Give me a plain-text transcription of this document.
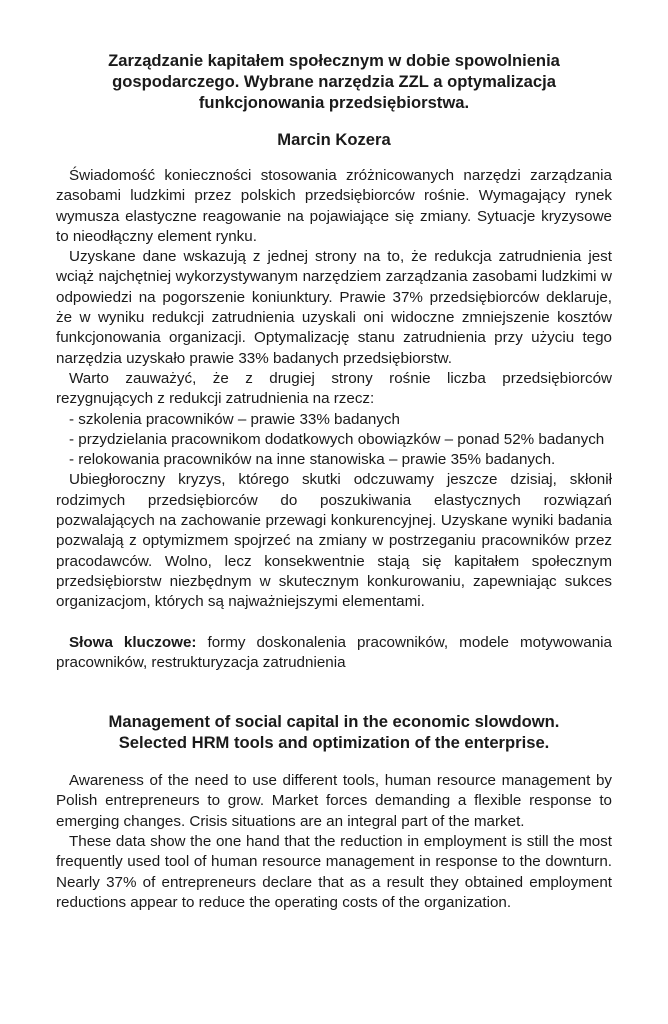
Zarządzanie kapitałem społecznym w dobie spowolnienia
gospodarczego. Wybrane narzędzia ZZL a optymalizacja
funkcjonowania przedsiębiorstwa.
Marcin Kozera

Świadomość konieczności stosowania zróżnicowanych narzędzi zarządzania zasobami ludzkimi przez polskich przedsiębiorców rośnie. Wymagający rynek wymusza elastyczne reagowanie na pojawiające się zmiany. Sytuacje kryzysowe to nieodłączny element rynku.

Uzyskane dane wskazują z jednej strony na to, że redukcja zatrudnienia jest wciąż najchętniej wykorzystywanym narzędziem zarządzania zasobami ludzkimi w odpowiedzi na pogorszenie koniunktury. Prawie 37% przedsiębiorców deklaruje, że w wyniku redukcji zatrudnienia uzyskali oni widoczne zmniejszenie kosztów funkcjonowania organizacji. Optymalizację stanu zatrudnienia przy użyciu tego narzędzia uzyskało prawie 33% badanych przedsiębiorstw.

Warto zauważyć, że z drugiej strony rośnie liczba przedsiębiorców rezygnujących z redukcji zatrudnienia na rzecz:

- szkolenia pracowników – prawie 33% badanych

- przydzielania pracownikom dodatkowych obowiązków – ponad 52% badanych

- relokowania pracowników na inne stanowiska – prawie 35% badanych.

Ubiegłoroczny kryzys, którego skutki odczuwamy jeszcze dzisiaj, skłonił rodzimych przedsiębiorców do poszukiwania elastycznych rozwiązań pozwalających na zachowanie przewagi konkurencyjnej. Uzyskane wyniki badania pozwalają z optymizmem spojrzeć na zmiany w postrzeganiu pracowników przez pracodawców. Wolno, lecz konsekwentnie stają się kapitałem społecznym przedsiębiorstw niezbędnym w skutecznym konkurowaniu, zapewniając sukces organizacjom, których są najważniejszymi elementami.

Słowa kluczowe: formy doskonalenia pracowników, modele motywowania pracowników, restrukturyzacja zatrudnienia

Management of social capital in the economic slowdown.
Selected HRM tools and optimization of the enterprise.

Awareness of the need to use different tools, human resource management by Polish entrepreneurs to grow. Market forces demanding a flexible response to emerging changes. Crisis situations are an integral part of the market.

These data show the one hand that the reduction in employment is still the most frequently used tool of human resource management in response to the downturn. Nearly 37% of entrepreneurs declare that as a result they obtained employment reductions appear to reduce the operating costs of the organization.
